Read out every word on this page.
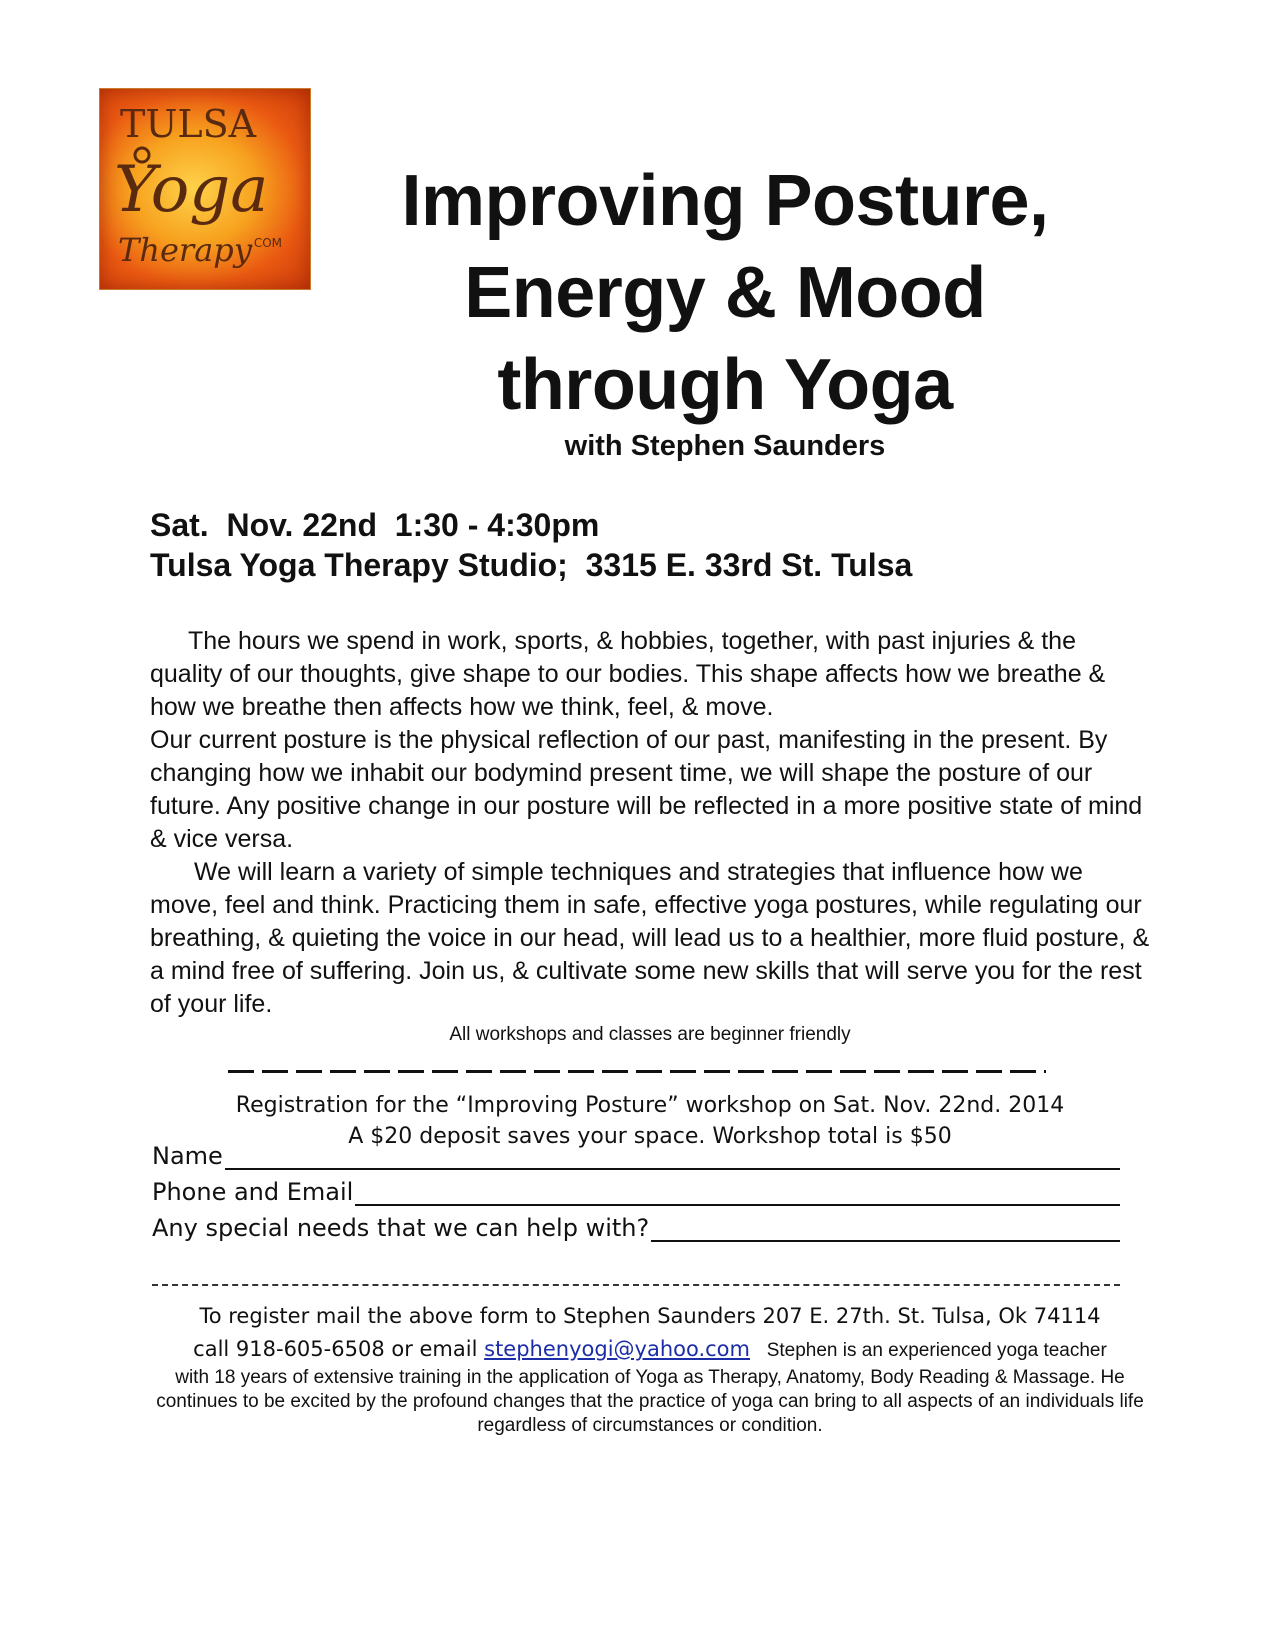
TULSA
Yoga
Therapy
.COM
Improving Posture,
Energy & Mood
through Yoga
with Stephen Saunders
Sat.  Nov. 22nd  1:30 - 4:30pm
Tulsa Yoga Therapy Studio;  3315 E. 33rd St. Tulsa

The hours we spend in work, sports, & hobbies, together, with past injuries & the quality of our thoughts, give shape to our bodies. This shape affects how we breathe & how we breathe then affects how we think, feel, & move.

Our current posture is the physical reflection of our past, manifesting in the present. By changing how we inhabit our bodymind present time, we will shape the posture of our future. Any positive change in our posture will be reflected in a more positive state of mind & vice versa.

We will learn a variety of simple techniques and strategies that influence how we move, feel and think. Practicing them in safe, effective yoga postures, while regulating our breathing, & quieting the voice in our head, will lead us to a healthier, more fluid posture, & a mind free of suffering. Join us, & cultivate some new skills that will serve you for the rest of your life.

All workshops and classes are beginner friendly

Registration for the “Improving Posture” workshop on Sat. Nov. 22nd. 2014
A $20 deposit saves your space. Workshop total is $50
Name
Phone and Email
Any special needs that we can help with?
To register mail the above form to Stephen Saunders 207 E. 27th. St. Tulsa, Ok 74114
call 918-605-6508 or email stephenyogi@yahoo.com Stephen is an experienced yoga teacher

with 18 years of extensive training in the application of Yoga as Therapy, Anatomy, Body Reading & Massage. He continues to be excited by the profound changes that the practice of yoga can bring to all aspects of an individuals life regardless of circumstances or condition.
